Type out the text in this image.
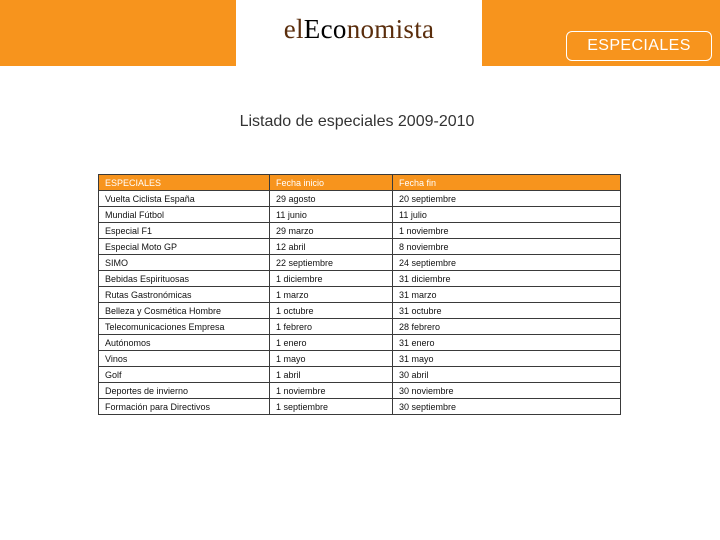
elEconomista
ESPECIALES
Listado de especiales 2009-2010
ESPECIALES	Fecha inicio	Fecha fin
Vuelta Ciclista España	29 agosto	20 septiembre
Mundial Fútbol	11 junio	11 julio
Especial F1	29 marzo	1 noviembre
Especial Moto GP	12 abril	8 noviembre
SIMO	22 septiembre	24 septiembre
Bebidas Espirituosas	1 diciembre	31 diciembre
Rutas Gastronómicas	1 marzo	31 marzo
Belleza y Cosmética Hombre	1 octubre	31 octubre
Telecomunicaciones Empresa	1 febrero	28 febrero
Autónomos	1 enero	31 enero
Vinos	1 mayo	31 mayo
Golf	1 abril	30 abril
Deportes de invierno	1 noviembre	30 noviembre
Formación para Directivos	1 septiembre	30 septiembre
